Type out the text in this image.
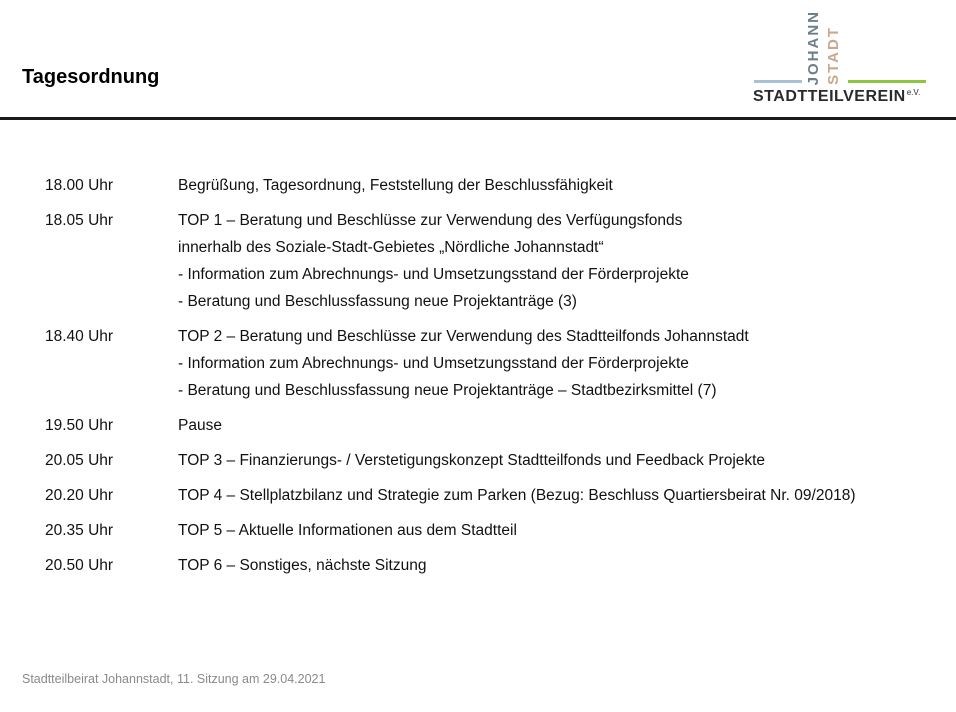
Tagesordnung	JOHANN STADT
$STADTTEILVEREIN^{e.V.}$
18.00 Uhr	Begrüßung, Tagesordnung, Feststellung der Beschlussfähigkeit
18.05 Uhr	TOP 1 – Beratung und Beschlüsse zur Verwendung des Verfügungsfonds
innerhalb des Soziale-Stadt-Gebietes „Nördliche Johannstadt“
- Information zum Abrechnungs- und Umsetzungsstand der Förderprojekte
- Beratung und Beschlussfassung neue Projektanträge (3)
18.40 Uhr	TOP 2 – Beratung und Beschlüsse zur Verwendung des Stadtteilfonds Johannstadt
- Information zum Abrechnungs- und Umsetzungsstand der Förderprojekte
- Beratung und Beschlussfassung neue Projektanträge – Stadtbezirksmittel (7)
19.50 Uhr	Pause
20.05 Uhr	TOP 3 – Finanzierungs- / Verstetigungskonzept Stadtteilfonds und Feedback Projekte
20.20 Uhr	TOP 4 – Stellplatzbilanz und Strategie zum Parken (Bezug: Beschluss Quartiersbeirat Nr. 09/2018)
20.35 Uhr	TOP 5 – Aktuelle Informationen aus dem Stadtteil
20.50 Uhr	TOP 6 – Sonstiges, nächste Sitzung
Stadtteilbeirat Johannstadt, 11. Sitzung am 29.04.2021
